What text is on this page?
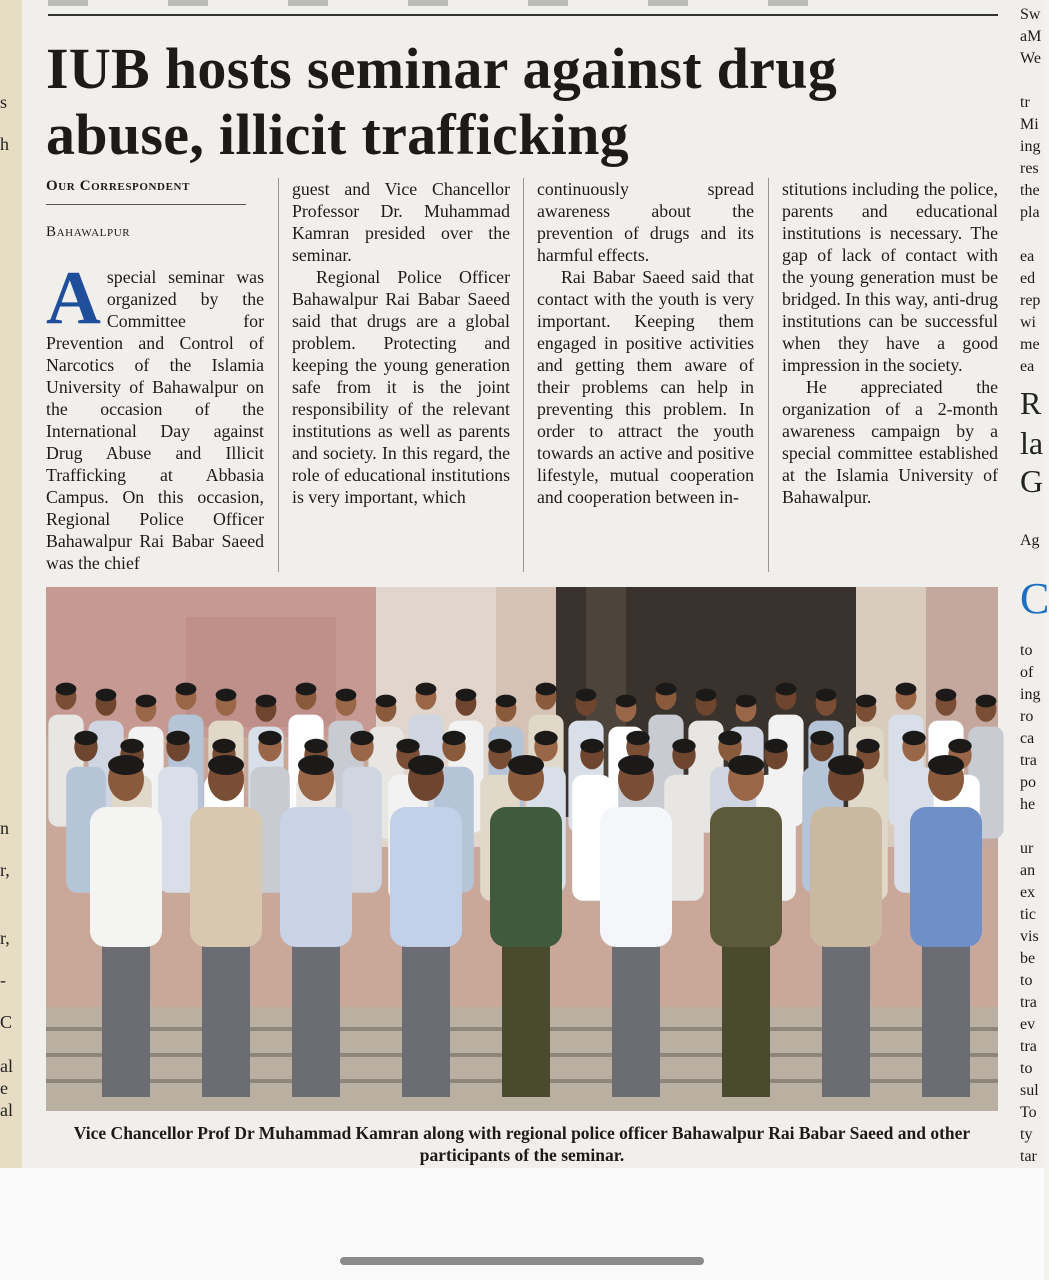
s
h
n
r,
r,
-
C
al
e
al
IUB hosts seminar against drug abuse, illicit trafficking
Our Correspondent
Bahawalpur
A special seminar was organized by the Committee for Prevention and Control of Narcotics of the Islamia University of Bahawalpur on the occasion of the International Day against Drug Abuse and Illicit Trafficking at Abbasia Campus. On this occasion, Regional Police Officer Bahawalpur Rai Babar Saeed was the chief

guest and Vice Chancellor Professor Dr. Muhammad Kamran presided over the seminar.

Regional Police Officer Bahawalpur Rai Babar Saeed said that drugs are a global problem. Protecting and keeping the young generation safe from it is the joint responsibility of the relevant institutions as well as parents and society. In this regard, the role of educational institutions is very important, which

continuously spread awareness about the prevention of drugs and its harmful effects.

Rai Babar Saeed said that contact with the youth is very important. Keeping them engaged in positive activities and getting them aware of their problems can help in preventing this problem. In order to attract the youth towards an active and positive lifestyle, mutual cooperation and cooperation between in-

stitutions including the police, parents and educational institutions is necessary. The gap of lack of contact with the young generation must be bridged. In this way, anti-drug institutions can be successful when they have a good impression in the society.

He appreciated the organization of a 2-month awareness campaign by a special committee established at the Islamia University of Bahawalpur.

Vice Chancellor Prof Dr Muhammad Kamran along with regional police officer Bahawalpur Rai Babar Saeed and other participants of the seminar.
Sw
aM
We
tr
Mi
ing
res
the
pla
ea
ed
rep
wi
me
ea
R
la
G
Ag
C
to
of
ing
ro
ca
tra
po
he
ur
an
ex
tic
vis
be
to
tra
ev
tra
to
sul
To
ty
tar
